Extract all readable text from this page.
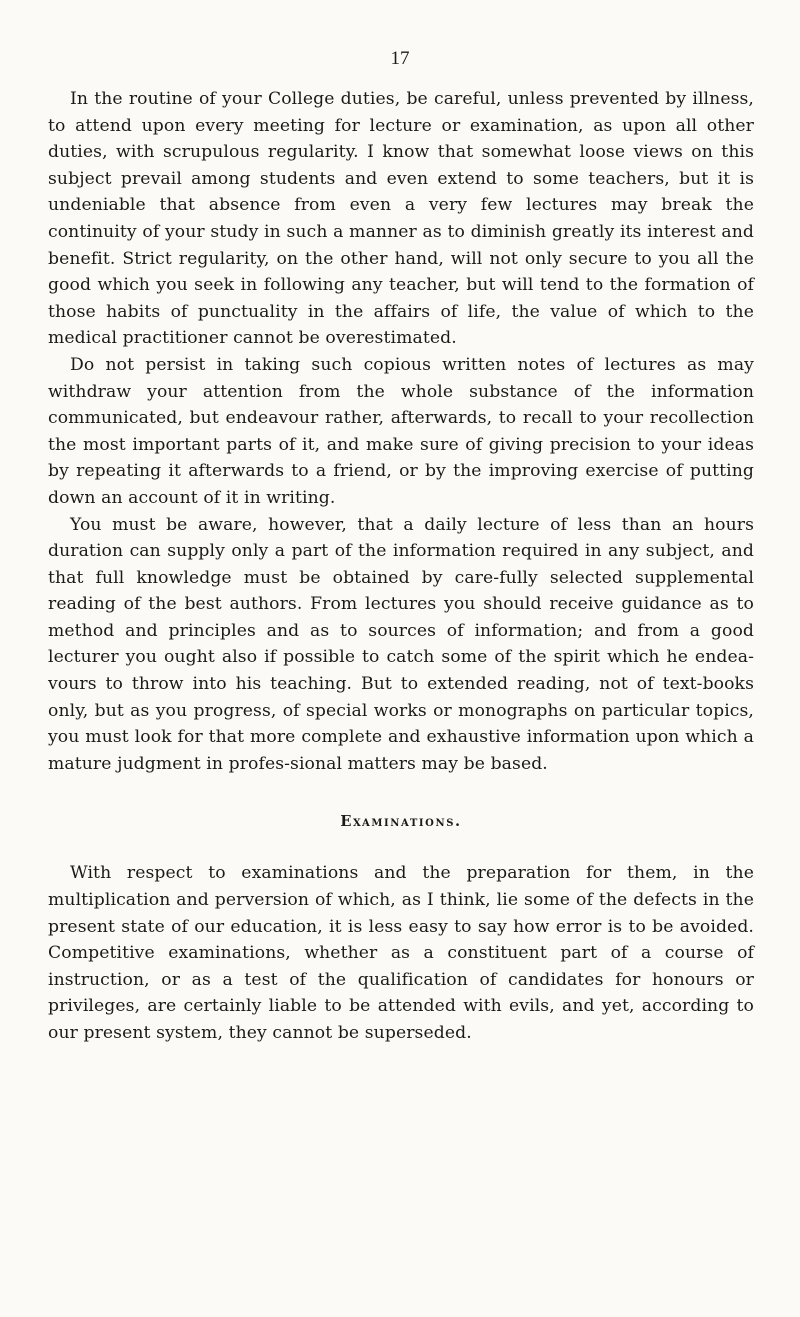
17

In the routine of your College duties, be careful, unless prevented by illness, to attend upon every meeting for lecture or examination, as upon all other duties, with scrupulous regularity. I know that somewhat loose views on this subject prevail among students and even extend to some teachers, but it is undeniable that absence from even a very few lectures may break the continuity of your study in such a manner as to diminish greatly its interest and benefit. Strict regularity, on the other hand, will not only secure to you all the good which you seek in following any teacher, but will tend to the formation of those habits of punctuality in the affairs of life, the value of which to the medical practitioner cannot be overestimated.

Do not persist in taking such copious written notes of lectures as may withdraw your attention from the whole substance of the information communicated, but endeavour rather, afterwards, to recall to your recollection the most important parts of it, and make sure of giving precision to your ideas by repeating it afterwards to a friend, or by the improving exercise of putting down an account of it in writing.

You must be aware, however, that a daily lecture of less than an hours duration can supply only a part of the information required in any subject, and that full knowledge must be obtained by care-fully selected supplemental reading of the best authors. From lectures you should receive guidance as to method and principles and as to sources of information; and from a good lecturer you ought also if possible to catch some of the spirit which he endea-vours to throw into his teaching. But to extended reading, not of text-books only, but as you progress, of special works or monographs on particular topics, you must look for that more complete and exhaustive information upon which a mature judgment in profes-sional matters may be based.

Examinations.

With respect to examinations and the preparation for them, in the multiplication and perversion of which, as I think, lie some of the defects in the present state of our education, it is less easy to say how error is to be avoided. Competitive examinations, whether as a constituent part of a course of instruction, or as a test of the qualification of candidates for honours or privileges, are certainly liable to be attended with evils, and yet, according to our present system, they cannot be superseded.
